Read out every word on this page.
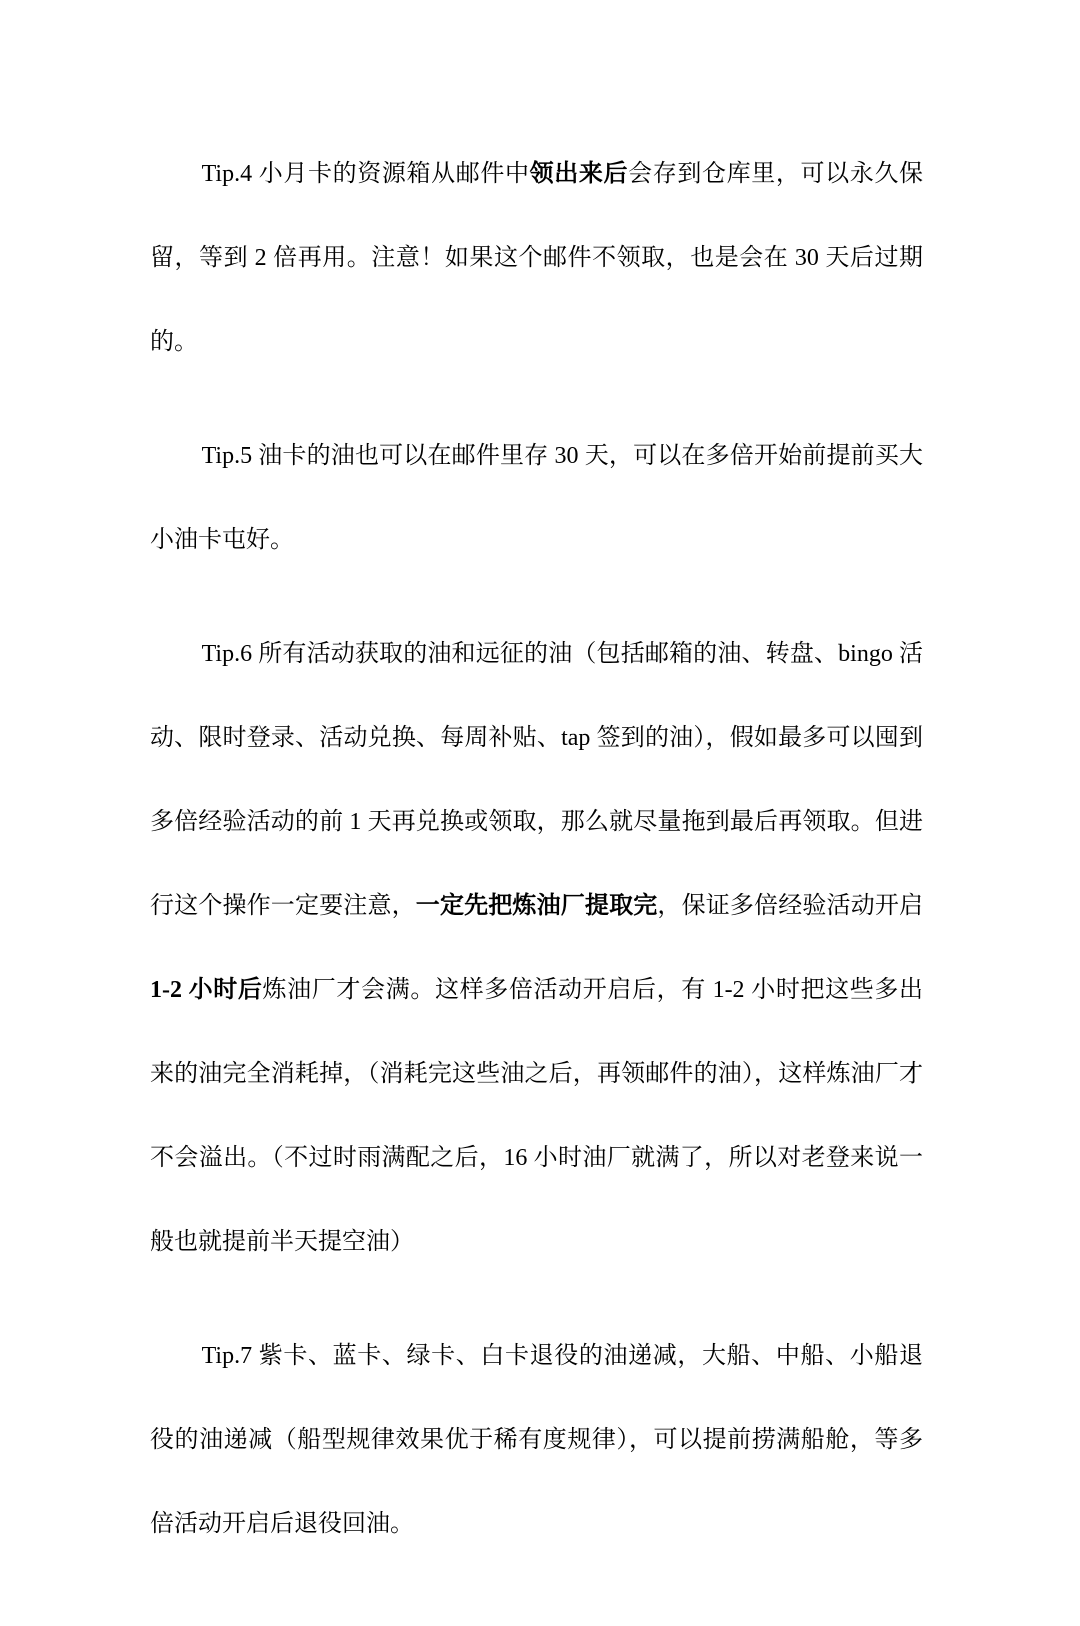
Tip.4 小月卡的资源箱从邮件中领出来后会存到仓库里，可以永久保留，等到 2 倍再用。注意！如果这个邮件不领取，也是会在 30 天后过期的。

Tip.5 油卡的油也可以在邮件里存 30 天，可以在多倍开始前提前买大小油卡屯好。

Tip.6 所有活动获取的油和远征的油（包括邮箱的油、转盘、bingo 活动、限时登录、活动兑换、每周补贴、tap 签到的油），假如最多可以囤到多倍经验活动的前 1 天再兑换或领取，那么就尽量拖到最后再领取。但进行这个操作一定要注意，一定先把炼油厂提取完，保证多倍经验活动开启 1-2 小时后炼油厂才会满。这样多倍活动开启后，有 1-2 小时把这些多出来的油完全消耗掉，（消耗完这些油之后，再领邮件的油），这样炼油厂才不会溢出。（不过时雨满配之后，16 小时油厂就满了，所以对老登来说一般也就提前半天提空油）

Tip.7 紫卡、蓝卡、绿卡、白卡退役的油递减，大船、中船、小船退役的油递减（船型规律效果优于稀有度规律），可以提前捞满船舱，等多倍活动开启后退役回油。
